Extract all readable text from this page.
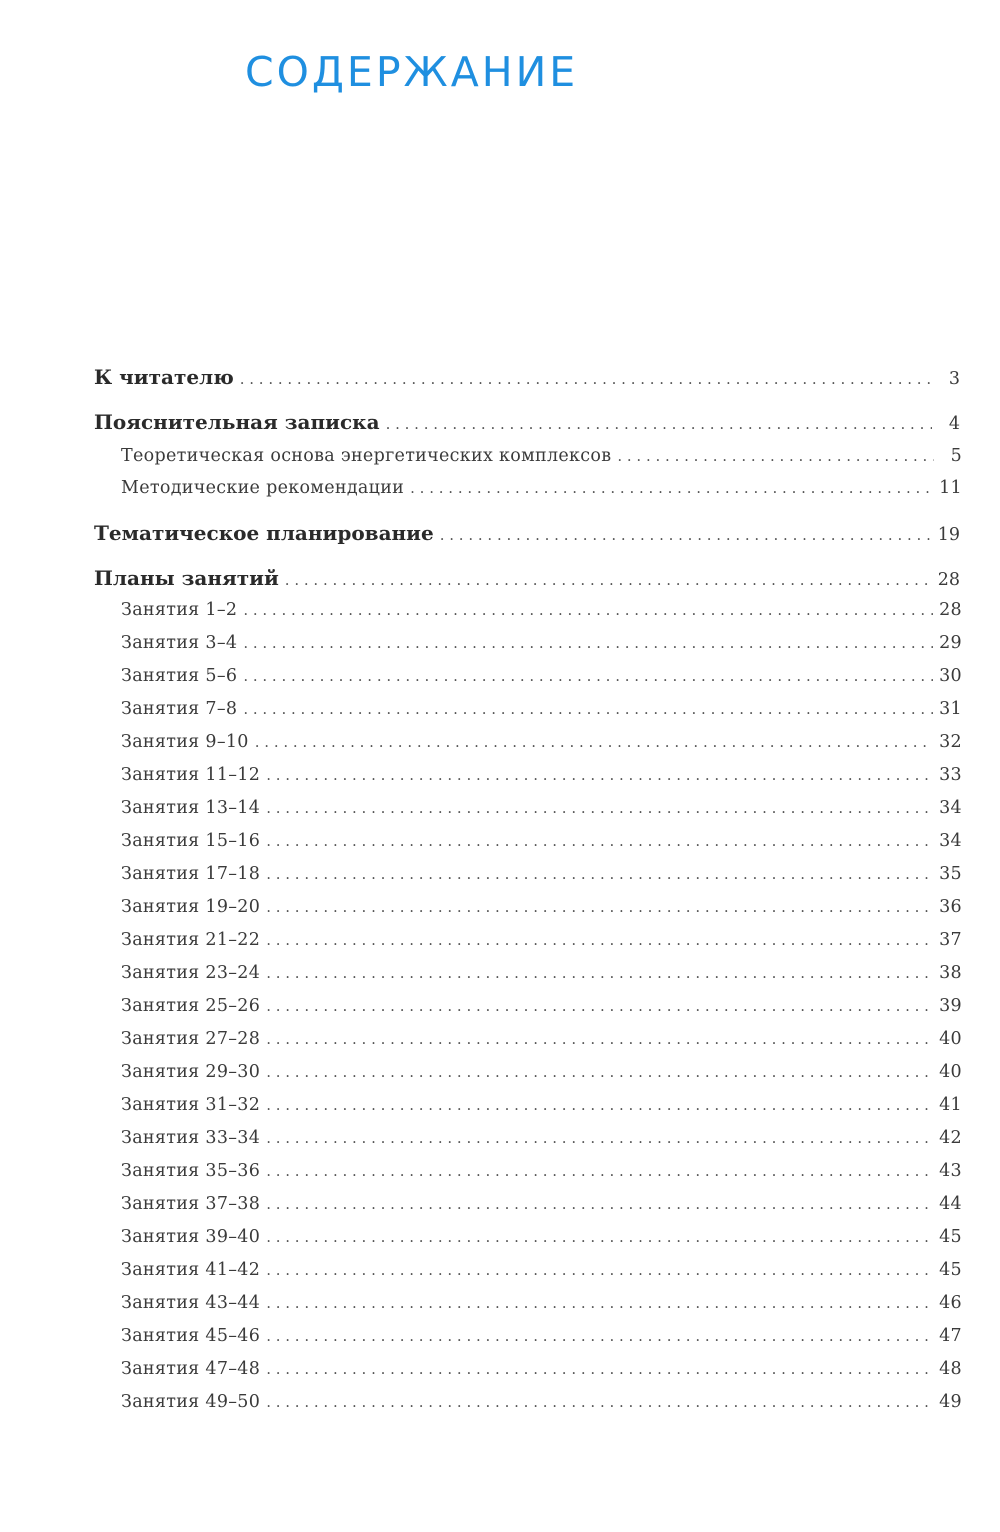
СОДЕРЖАНИЕ
К читателю . . .	3
Пояснительная записка . . .	4
Теоретическая основа энергетических комплексов . . .	5
Методические рекомендации . . .	11
Тематическое планирование . . .	19
Планы занятий . . .	28
Занятия 1–2 . . .	28
Занятия 3–4 . . .	29
Занятия 5–6 . . .	30
Занятия 7–8 . . .	31
Занятия 9–10 . . .	32
Занятия 11–12 . . .	33
Занятия 13–14 . . .	34
Занятия 15–16 . . .	34
Занятия 17–18 . . .	35
Занятия 19–20 . . .	36
Занятия 21–22 . . .	37
Занятия 23–24 . . .	38
Занятия 25–26 . . .	39
Занятия 27–28 . . .	40
Занятия 29–30 . . .	40
Занятия 31–32 . . .	41
Занятия 33–34 . . .	42
Занятия 35–36 . . .	43
Занятия 37–38 . . .	44
Занятия 39–40 . . .	45
Занятия 41–42 . . .	45
Занятия 43–44 . . .	46
Занятия 45–46 . . .	47
Занятия 47–48 . . .	48
Занятия 49–50 . . .	49
